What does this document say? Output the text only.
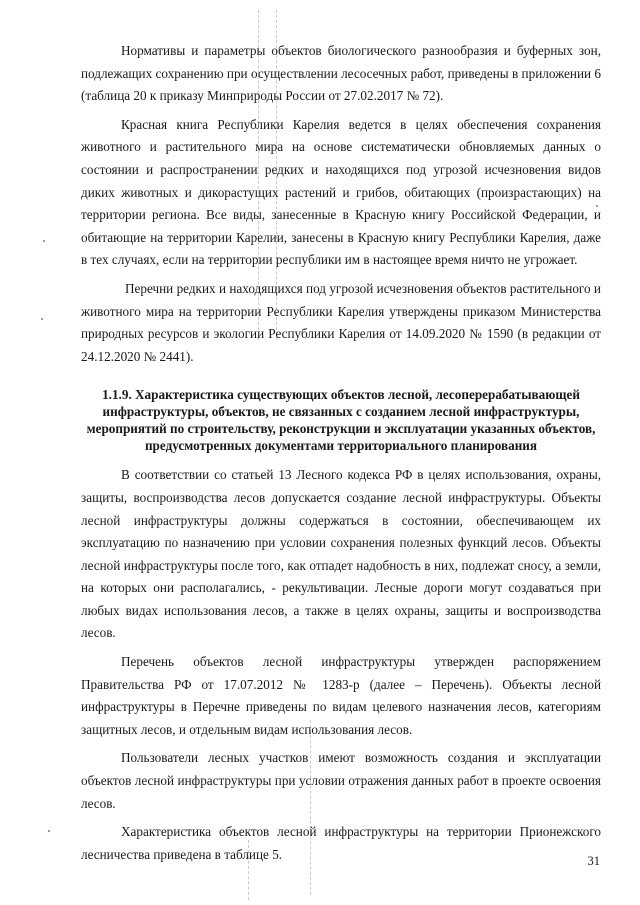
Нормативы и параметры объектов биологического разнообразия и буферных зон, подлежащих сохранению при осуществлении лесосечных работ, приведены в приложении 6 (таблица 20 к приказу Минприроды России от 27.02.2017 № 72).

Красная книга Республики Карелия ведется в целях обеспечения сохранения животного и растительного мира на основе систематически обновляемых данных о состоянии и распространении редких и находящихся под угрозой исчезновения видов диких животных и дикорастущих растений и грибов, обитающих (произрастающих) на территории региона. Все виды, занесенные в Красную книгу Российской Федерации, и обитающие на территории Карелии, занесены в Красную книгу Республики Карелия, даже в тех случаях, если на территории республики им в настоящее время ничто не угрожает.

Перечни редких и находящихся под угрозой исчезновения объектов растительного и животного мира на территории Республики Карелия утверждены приказом Министерства природных ресурсов и экологии Республики Карелия от 14.09.2020 № 1590 (в редакции от 24.12.2020 № 2441).

1.1.9. Характеристика существующих объектов лесной, лесоперерабатывающей инфраструктуры, объектов, не связанных с созданием лесной инфраструктуры, мероприятий по строительству, реконструкции и эксплуатации указанных объектов, предусмотренных документами территориального планирования

В соответствии со статьей 13 Лесного кодекса РФ в целях использования, охраны, защиты, воспроизводства лесов допускается создание лесной инфраструктуры. Объекты лесной инфраструктуры должны содержаться в состоянии, обеспечивающем их эксплуатацию по назначению при условии сохранения полезных функций лесов. Объекты лесной инфраструктуры после того, как отпадет надобность в них, подлежат сносу, а земли, на которых они располагались, - рекультивации. Лесные дороги могут создаваться при любых видах использования лесов, а также в целях охраны, защиты и воспроизводства лесов.

Перечень объектов лесной инфраструктуры утвержден распоряжением Правительства РФ от 17.07.2012 № 1283-р (далее – Перечень). Объекты лесной инфраструктуры в Перечне приведены по видам целевого назначения лесов, категориям защитных лесов, и отдельным видам использования лесов.

Пользователи лесных участков имеют возможность создания и эксплуатации объектов лесной инфраструктуры при условии отражения данных работ в проекте освоения лесов.

Характеристика объектов лесной инфраструктуры на территории Прионежского лесничества приведена в таблице 5.	31
